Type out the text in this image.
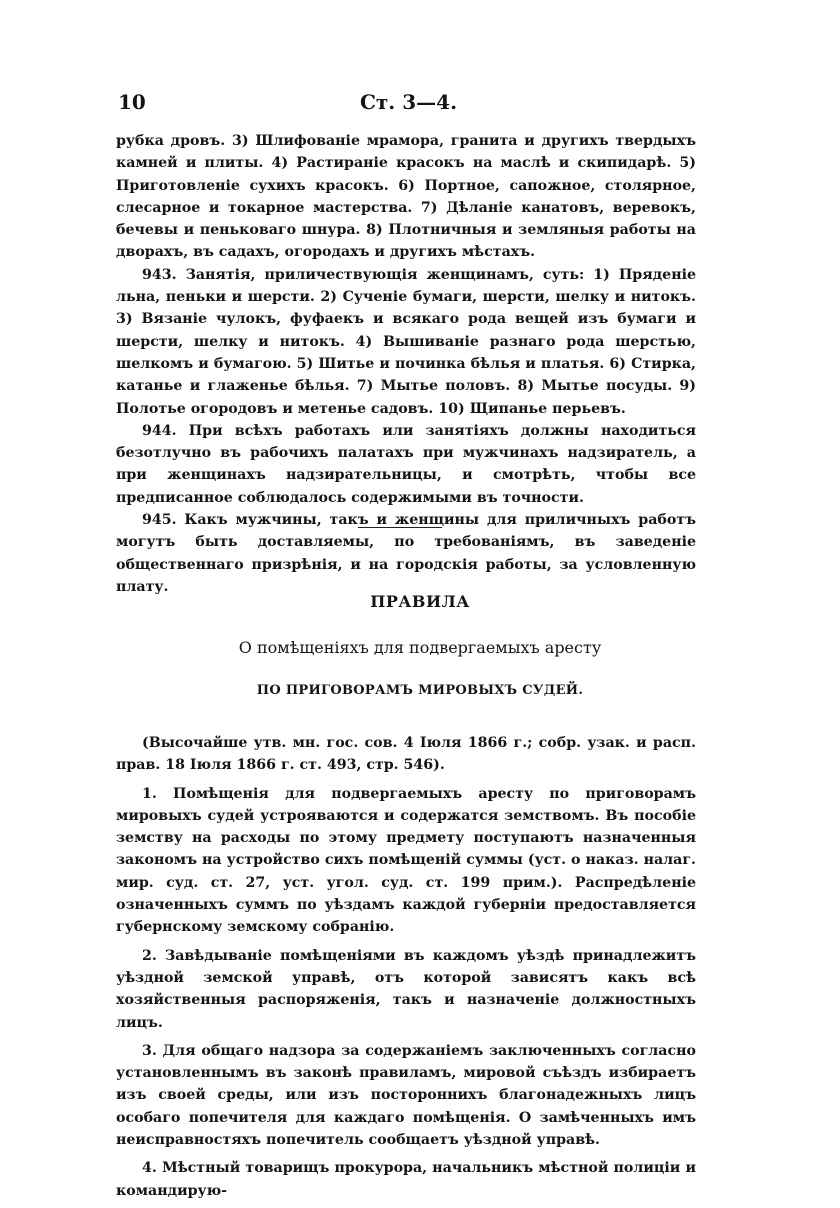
10	Ст. 3—4.

рубка дровъ. 3) Шлифованіе мрамора, гранита и другихъ твердыхъ камней и плиты. 4) Растираніе красокъ на маслѣ и скипидарѣ. 5) Приготовленіе сухихъ красокъ. 6) Портное, сапожное, столярное, слесарное и токарное мастерства. 7) Дѣланіе канатовъ, веревокъ, бечевы и пеньковаго шнура. 8) Плотничныя и земляныя работы на дворахъ, въ садахъ, огородахъ и другихъ мѣстахъ.

943. Занятія, приличествующія женщинамъ, суть: 1) Пряденіе льна, пеньки и шерсти. 2) Сученіе бумаги, шерсти, шелку и нитокъ. 3) Вязаніе чулокъ, фуфаекъ и всякаго рода вещей изъ бумаги и шерсти, шелку и нитокъ. 4) Вышиваніе разнаго рода шерстью, шелкомъ и бумагою. 5) Шитье и починка бѣлья и платья. 6) Стирка, катанье и глаженье бѣлья. 7) Мытье половъ. 8) Мытье посуды. 9) Полотье огородовъ и метенье садовъ. 10) Щипанье перьевъ.

944. При всѣхъ работахъ или занятіяхъ должны находиться безотлучно въ рабочихъ палатахъ при мужчинахъ надзиратель, а при женщинахъ надзирательницы, и смотрѣть, чтобы все предписанное соблюдалось содержимыми въ точности.

945. Какъ мужчины, такъ и женщины для приличныхъ работъ могутъ быть доставляемы, по требованіямъ, въ заведеніе общественнаго призрѣнія, и на городскія работы, за условленную плату.

ПРАВИЛА
О помѣщеніяхъ для подвергаемыхъ аресту
ПО ПРИГОВОРАМЪ МИРОВЫХЪ СУДЕЙ.

(Высочайше утв. мн. гос. сов. 4 Іюля 1866 г.; собр. узак. и расп. прав. 18 Іюля 1866 г. ст. 493, стр. 546).

1. Помѣщенія для подвергаемыхъ аресту по приговорамъ мировыхъ судей устрояваются и содержатся земствомъ. Въ пособіе земству на расходы по этому предмету поступаютъ назначенныя закономъ на устройство сихъ помѣщеній суммы (уст. о наказ. налаг. мир. суд. ст. 27, уст. угол. суд. ст. 199 прим.). Распредѣленіе означенныхъ суммъ по уѣздамъ каждой губерніи предоставляется губернскому земскому собранію.

2. Завѣдываніе помѣщеніями въ каждомъ уѣздѣ принадлежитъ уѣздной земской управѣ, отъ которой зависятъ какъ всѣ хозяйственныя распоряженія, такъ и назначеніе должностныхъ лицъ.

3. Для общаго надзора за содержаніемъ заключенныхъ согласно установленнымъ въ законѣ правиламъ, мировой съѣздъ избираетъ изъ своей среды, или изъ постороннихъ благонадежныхъ лицъ особаго попечителя для каждаго помѣщенія. О замѣченныхъ имъ неисправностяхъ попечитель сообщаетъ уѣздной управѣ.

4. Мѣстный товарищъ прокурора, начальникъ мѣстной полиціи и командирую-
